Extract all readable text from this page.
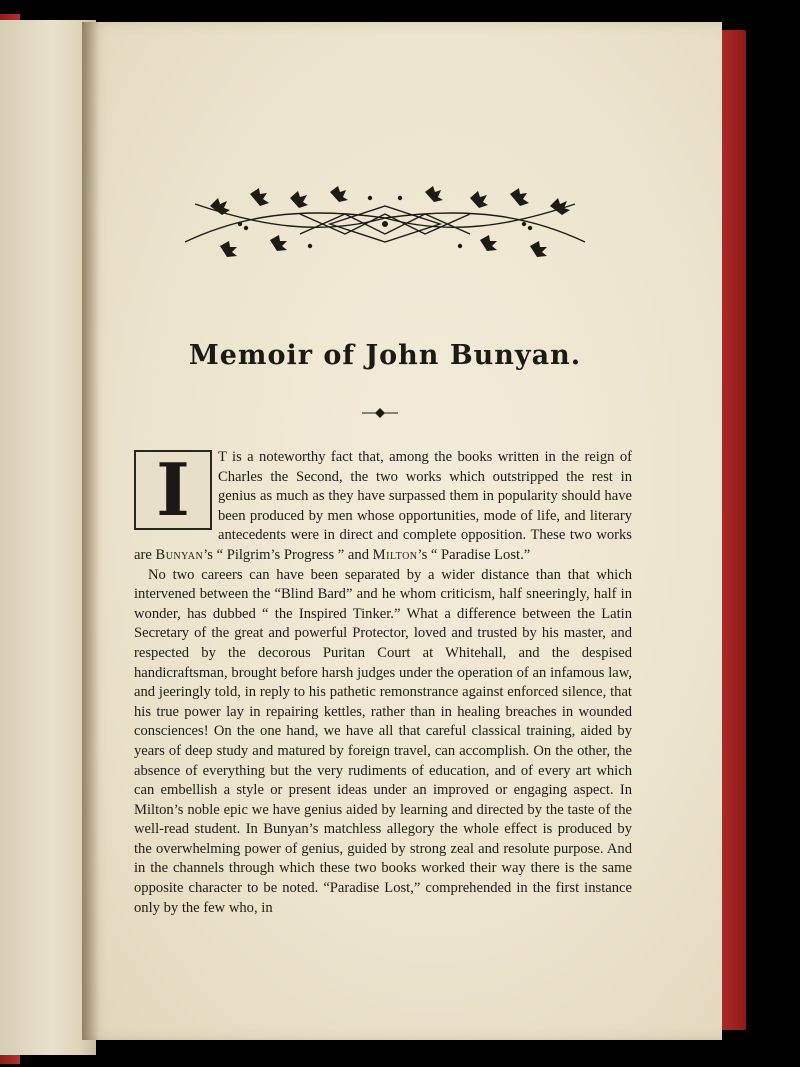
Memoir of John Bunyan.

I	T is a noteworthy fact that, among the books written in the reign of Charles the Second, the two works which outstripped the rest in genius as much as they have surpassed them in popularity should have been produced by men whose opportunities, mode of life, and literary antecedents were in direct and complete opposition. These two works are Bunyan’s “ Pilgrim’s Progress ” and Milton’s “ Paradise Lost.”

No two careers can have been separated by a wider distance than that which intervened between the “Blind Bard” and he whom criticism, half sneeringly, half in wonder, has dubbed “ the Inspired Tinker.” What a difference between the Latin Secretary of the great and powerful Protector, loved and trusted by his master, and respected by the decorous Puritan Court at Whitehall, and the despised handicraftsman, brought before harsh judges under the operation of an infamous law, and jeeringly told, in reply to his pathetic remonstrance against enforced silence, that his true power lay in repairing kettles, rather than in healing breaches in wounded consciences! On the one hand, we have all that careful classical training, aided by years of deep study and matured by foreign travel, can accomplish. On the other, the absence of everything but the very rudiments of education, and of every art which can embellish a style or present ideas under an improved or engaging aspect. In Milton’s noble epic we have genius aided by learning and directed by the taste of the well-read student. In Bunyan’s matchless allegory the whole effect is produced by the overwhelming power of genius, guided by strong zeal and resolute purpose. And in the channels through which these two books worked their way there is the same opposite character to be noted. “Paradise Lost,” comprehended in the first instance only by the few who, in
